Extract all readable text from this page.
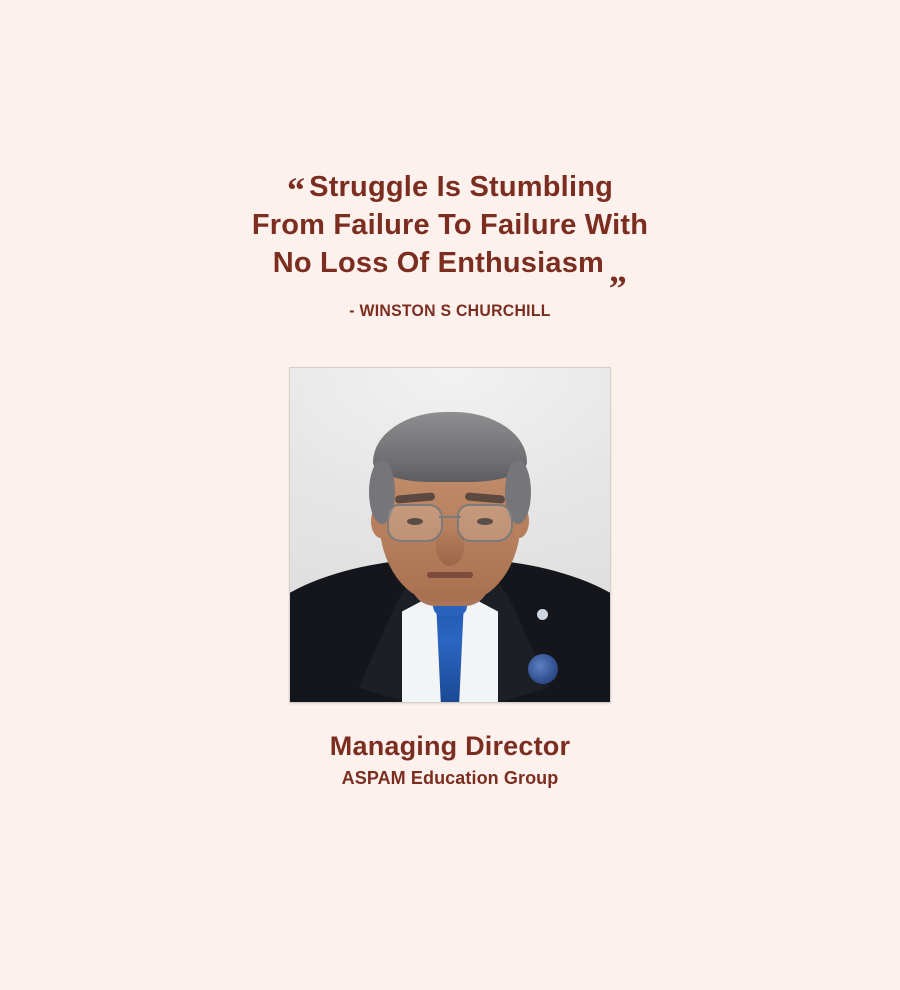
“ Struggle Is Stumbling
From Failure To Failure With
No Loss Of Enthusiasm „
- WINSTON S CHURCHILL
Managing Director
ASPAM Education Group
